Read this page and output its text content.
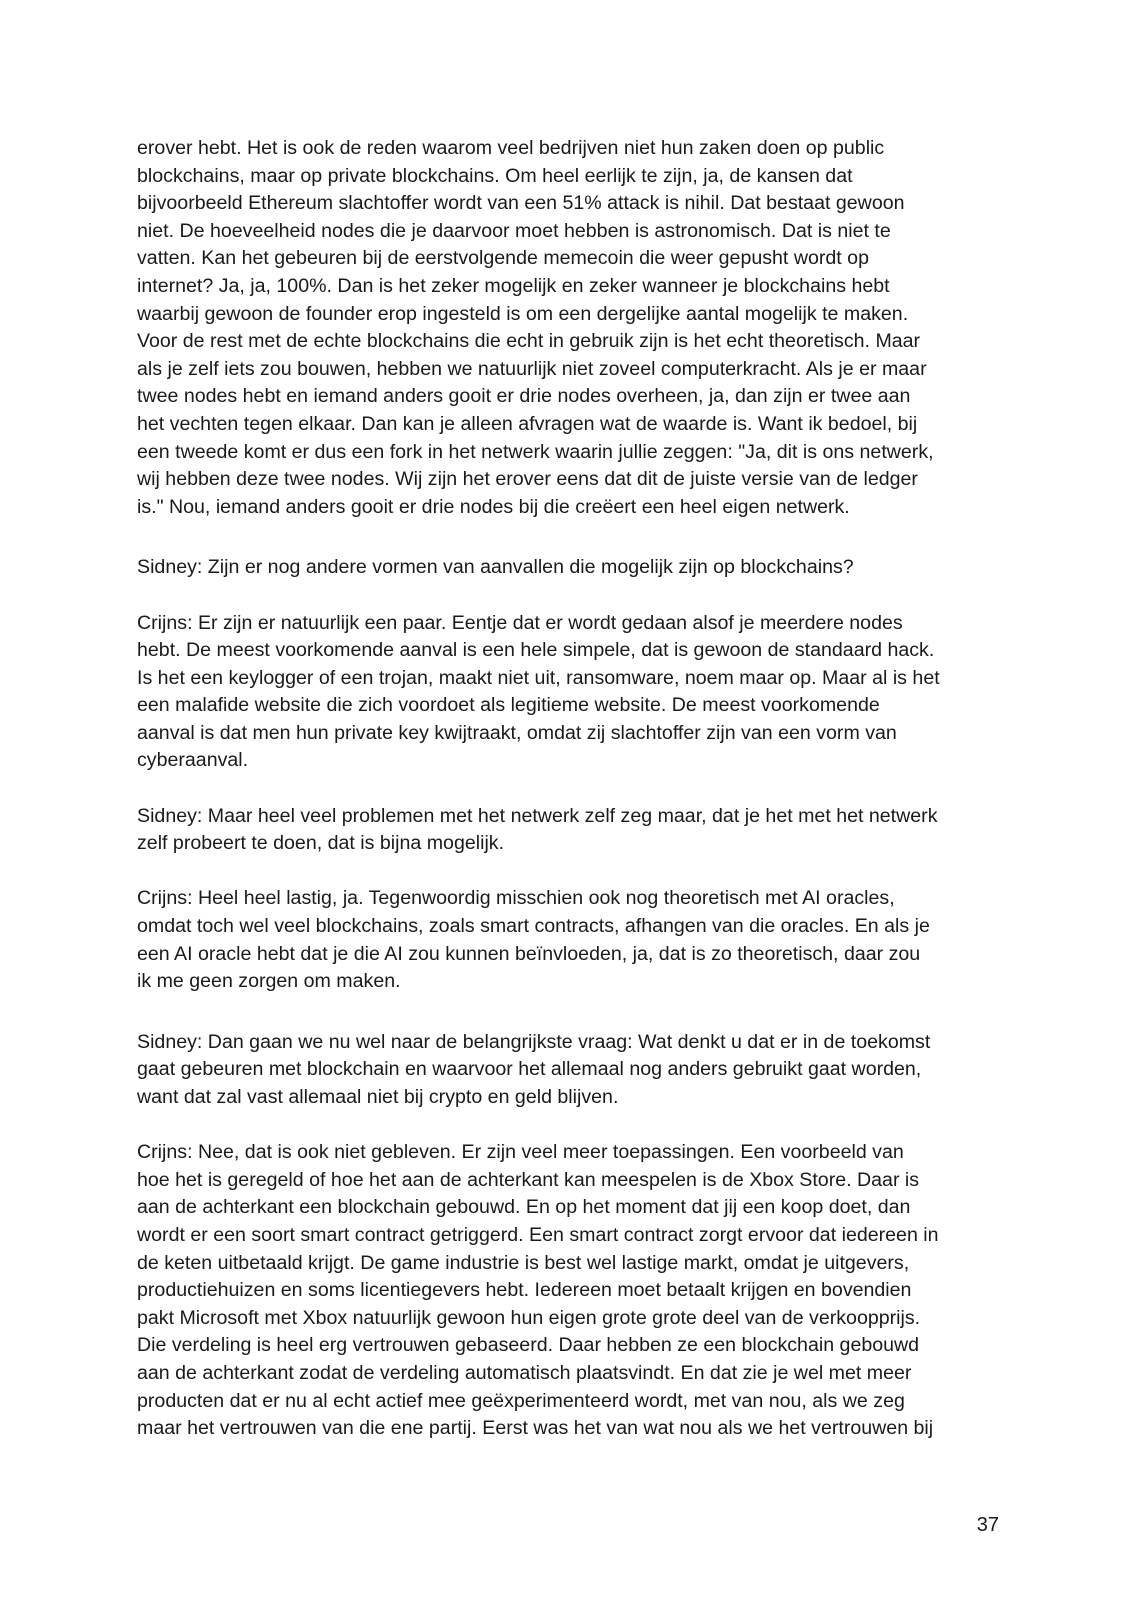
erover hebt. Het is ook de reden waarom veel bedrijven niet hun zaken doen op public
blockchains, maar op private blockchains. Om heel eerlijk te zijn, ja, de kansen dat
bijvoorbeeld Ethereum slachtoffer wordt van een 51% attack is nihil. Dat bestaat gewoon
niet. De hoeveelheid nodes die je daarvoor moet hebben is astronomisch. Dat is niet te
vatten. Kan het gebeuren bij de eerstvolgende memecoin die weer gepusht wordt op
internet? Ja, ja, 100%. Dan is het zeker mogelijk en zeker wanneer je blockchains hebt
waarbij gewoon de founder erop ingesteld is om een dergelijke aantal mogelijk te maken.
Voor de rest met de echte blockchains die echt in gebruik zijn is het echt theoretisch. Maar
als je zelf iets zou bouwen, hebben we natuurlijk niet zoveel computerkracht. Als je er maar
twee nodes hebt en iemand anders gooit er drie nodes overheen, ja, dan zijn er twee aan
het vechten tegen elkaar. Dan kan je alleen afvragen wat de waarde is. Want ik bedoel, bij
een tweede komt er dus een fork in het netwerk waarin jullie zeggen: "Ja, dit is ons netwerk,
wij hebben deze twee nodes. Wij zijn het erover eens dat dit de juiste versie van de ledger
is." Nou, iemand anders gooit er drie nodes bij die creëert een heel eigen netwerk.

Sidney: Zijn er nog andere vormen van aanvallen die mogelijk zijn op blockchains?

Crijns: Er zijn er natuurlijk een paar. Eentje dat er wordt gedaan alsof je meerdere nodes
hebt. De meest voorkomende aanval is een hele simpele, dat is gewoon de standaard hack.
Is het een keylogger of een trojan, maakt niet uit, ransomware, noem maar op. Maar al is het
een malafide website die zich voordoet als legitieme website. De meest voorkomende
aanval is dat men hun private key kwijtraakt, omdat zij slachtoffer zijn van een vorm van
cyberaanval.

Sidney: Maar heel veel problemen met het netwerk zelf zeg maar, dat je het met het netwerk
zelf probeert te doen, dat is bijna mogelijk.

Crijns: Heel heel lastig, ja. Tegenwoordig misschien ook nog theoretisch met AI oracles,
omdat toch wel veel blockchains, zoals smart contracts, afhangen van die oracles. En als je
een AI oracle hebt dat je die AI zou kunnen beïnvloeden, ja, dat is zo theoretisch, daar zou
ik me geen zorgen om maken.

Sidney: Dan gaan we nu wel naar de belangrijkste vraag: Wat denkt u dat er in de toekomst
gaat gebeuren met blockchain en waarvoor het allemaal nog anders gebruikt gaat worden,
want dat zal vast allemaal niet bij crypto en geld blijven.

Crijns: Nee, dat is ook niet gebleven. Er zijn veel meer toepassingen. Een voorbeeld van
hoe het is geregeld of hoe het aan de achterkant kan meespelen is de Xbox Store. Daar is
aan de achterkant een blockchain gebouwd. En op het moment dat jij een koop doet, dan
wordt er een soort smart contract getriggerd. Een smart contract zorgt ervoor dat iedereen in
de keten uitbetaald krijgt. De game industrie is best wel lastige markt, omdat je uitgevers,
productiehuizen en soms licentiegevers hebt. Iedereen moet betaalt krijgen en bovendien
pakt Microsoft met Xbox natuurlijk gewoon hun eigen grote grote deel van de verkoopprijs.
Die verdeling is heel erg vertrouwen gebaseerd. Daar hebben ze een blockchain gebouwd
aan de achterkant zodat de verdeling automatisch plaatsvindt. En dat zie je wel met meer
producten dat er nu al echt actief mee geëxperimenteerd wordt, met van nou, als we zeg
maar het vertrouwen van die ene partij. Eerst was het van wat nou als we het vertrouwen bij

37
